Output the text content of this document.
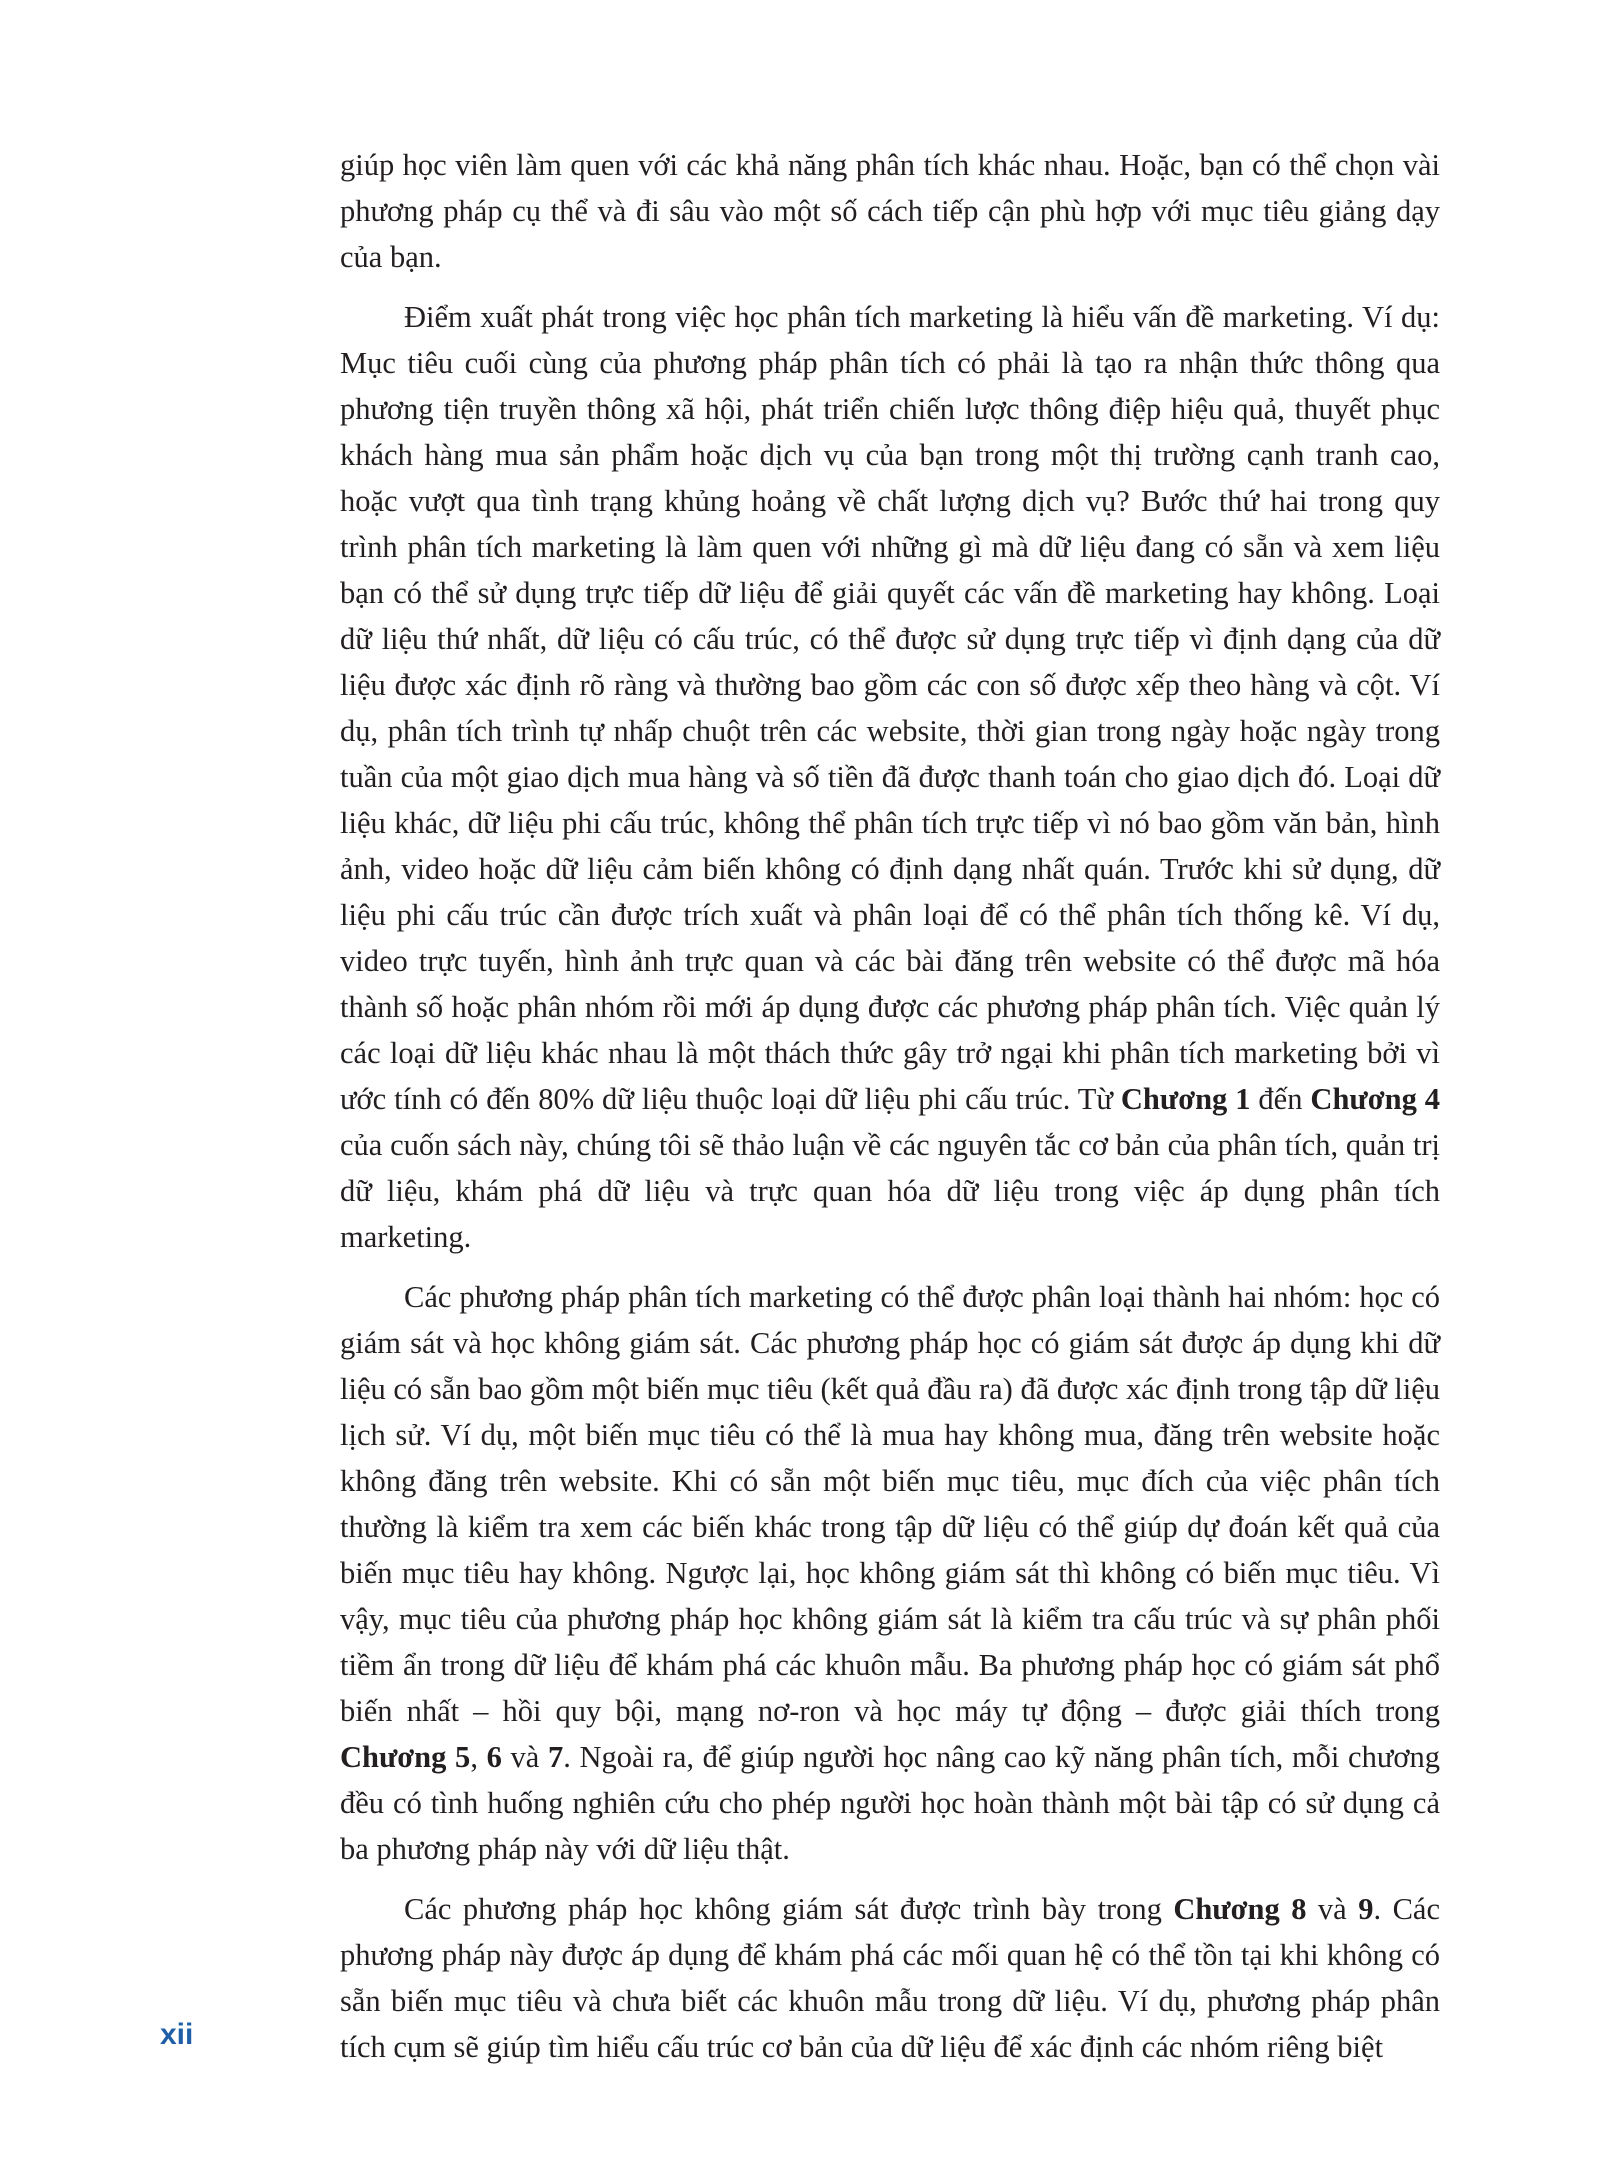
giúp học viên làm quen với các khả năng phân tích khác nhau. Hoặc, bạn có thể chọn vài phương pháp cụ thể và đi sâu vào một số cách tiếp cận phù hợp với mục tiêu giảng dạy của bạn.

Điểm xuất phát trong việc học phân tích marketing là hiểu vấn đề marketing. Ví dụ: Mục tiêu cuối cùng của phương pháp phân tích có phải là tạo ra nhận thức thông qua phương tiện truyền thông xã hội, phát triển chiến lược thông điệp hiệu quả, thuyết phục khách hàng mua sản phẩm hoặc dịch vụ của bạn trong một thị trường cạnh tranh cao, hoặc vượt qua tình trạng khủng hoảng về chất lượng dịch vụ? Bước thứ hai trong quy trình phân tích marketing là làm quen với những gì mà dữ liệu đang có sẵn và xem liệu bạn có thể sử dụng trực tiếp dữ liệu để giải quyết các vấn đề marketing hay không. Loại dữ liệu thứ nhất, dữ liệu có cấu trúc, có thể được sử dụng trực tiếp vì định dạng của dữ liệu được xác định rõ ràng và thường bao gồm các con số được xếp theo hàng và cột. Ví dụ, phân tích trình tự nhấp chuột trên các website, thời gian trong ngày hoặc ngày trong tuần của một giao dịch mua hàng và số tiền đã được thanh toán cho giao dịch đó. Loại dữ liệu khác, dữ liệu phi cấu trúc, không thể phân tích trực tiếp vì nó bao gồm văn bản, hình ảnh, video hoặc dữ liệu cảm biến không có định dạng nhất quán. Trước khi sử dụng, dữ liệu phi cấu trúc cần được trích xuất và phân loại để có thể phân tích thống kê. Ví dụ, video trực tuyến, hình ảnh trực quan và các bài đăng trên website có thể được mã hóa thành số hoặc phân nhóm rồi mới áp dụng được các phương pháp phân tích. Việc quản lý các loại dữ liệu khác nhau là một thách thức gây trở ngại khi phân tích marketing bởi vì ước tính có đến 80% dữ liệu thuộc loại dữ liệu phi cấu trúc. Từ Chương 1 đến Chương 4 của cuốn sách này, chúng tôi sẽ thảo luận về các nguyên tắc cơ bản của phân tích, quản trị dữ liệu, khám phá dữ liệu và trực quan hóa dữ liệu trong việc áp dụng phân tích marketing.

Các phương pháp phân tích marketing có thể được phân loại thành hai nhóm: học có giám sát và học không giám sát. Các phương pháp học có giám sát được áp dụng khi dữ liệu có sẵn bao gồm một biến mục tiêu (kết quả đầu ra) đã được xác định trong tập dữ liệu lịch sử. Ví dụ, một biến mục tiêu có thể là mua hay không mua, đăng trên website hoặc không đăng trên website. Khi có sẵn một biến mục tiêu, mục đích của việc phân tích thường là kiểm tra xem các biến khác trong tập dữ liệu có thể giúp dự đoán kết quả của biến mục tiêu hay không. Ngược lại, học không giám sát thì không có biến mục tiêu. Vì vậy, mục tiêu của phương pháp học không giám sát là kiểm tra cấu trúc và sự phân phối tiềm ẩn trong dữ liệu để khám phá các khuôn mẫu. Ba phương pháp học có giám sát phổ biến nhất – hồi quy bội, mạng nơ-ron và học máy tự động – được giải thích trong Chương 5, 6 và 7. Ngoài ra, để giúp người học nâng cao kỹ năng phân tích, mỗi chương đều có tình huống nghiên cứu cho phép người học hoàn thành một bài tập có sử dụng cả ba phương pháp này với dữ liệu thật.

Các phương pháp học không giám sát được trình bày trong Chương 8 và 9. Các phương pháp này được áp dụng để khám phá các mối quan hệ có thể tồn tại khi không có sẵn biến mục tiêu và chưa biết các khuôn mẫu trong dữ liệu. Ví dụ, phương pháp phân tích cụm sẽ giúp tìm hiểu cấu trúc cơ bản của dữ liệu để xác định các nhóm riêng biệt

xii
